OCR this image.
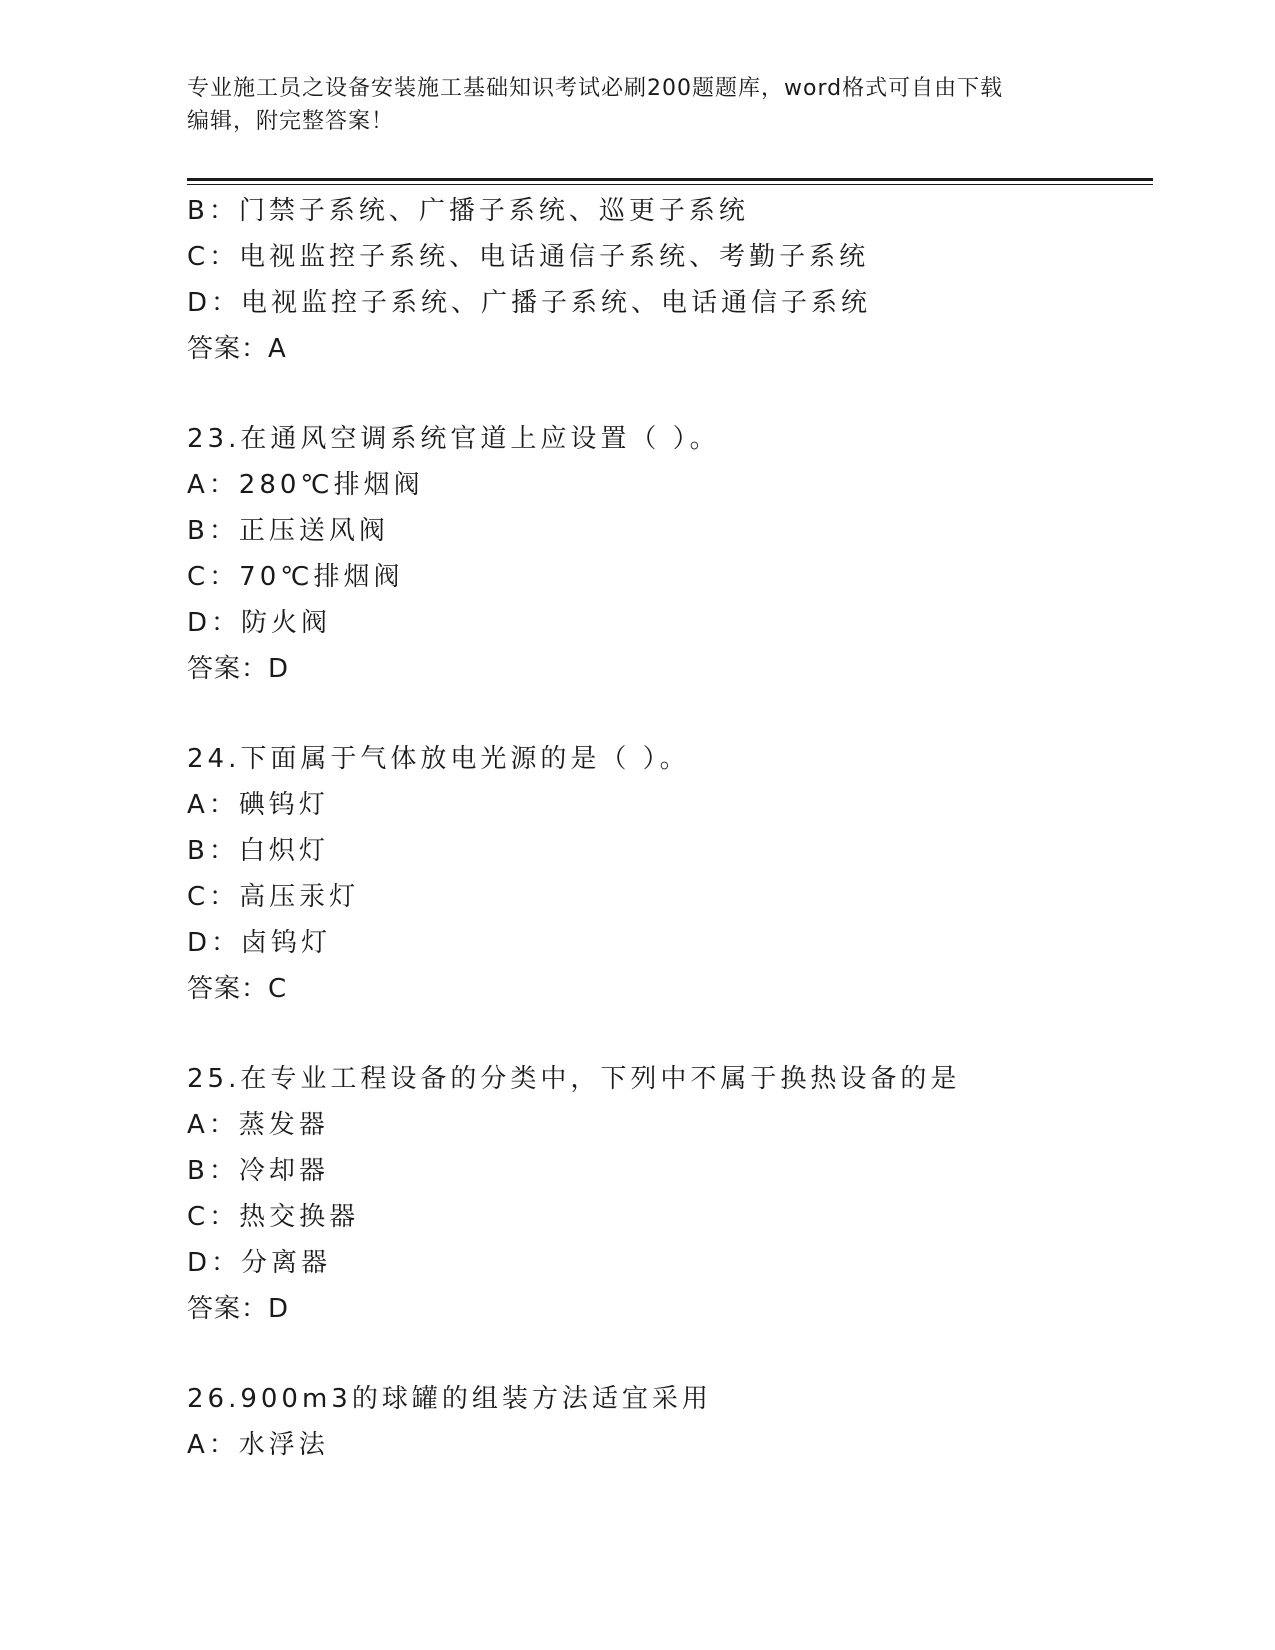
专业施工员之设备安装施工基础知识考试必刷200题题库，word格式可自由下载
编辑，附完整答案！
B：门禁子系统、广播子系统、巡更子系统
C：电视监控子系统、电话通信子系统、考勤子系统
D：电视监控子系统、广播子系统、电话通信子系统
答案：A
23.在通风空调系统官道上应设置（ ）。
A：280℃排烟阀
B：正压送风阀
C：70℃排烟阀
D：防火阀
答案：D
24.下面属于气体放电光源的是（ ）。
A：碘钨灯
B：白炽灯
C：高压汞灯
D：卤钨灯
答案：C
25.在专业工程设备的分类中，下列中不属于换热设备的是
A：蒸发器
B：冷却器
C：热交换器
D：分离器
答案：D
26.900m3的球罐的组装方法适宜采用
A：水浮法
